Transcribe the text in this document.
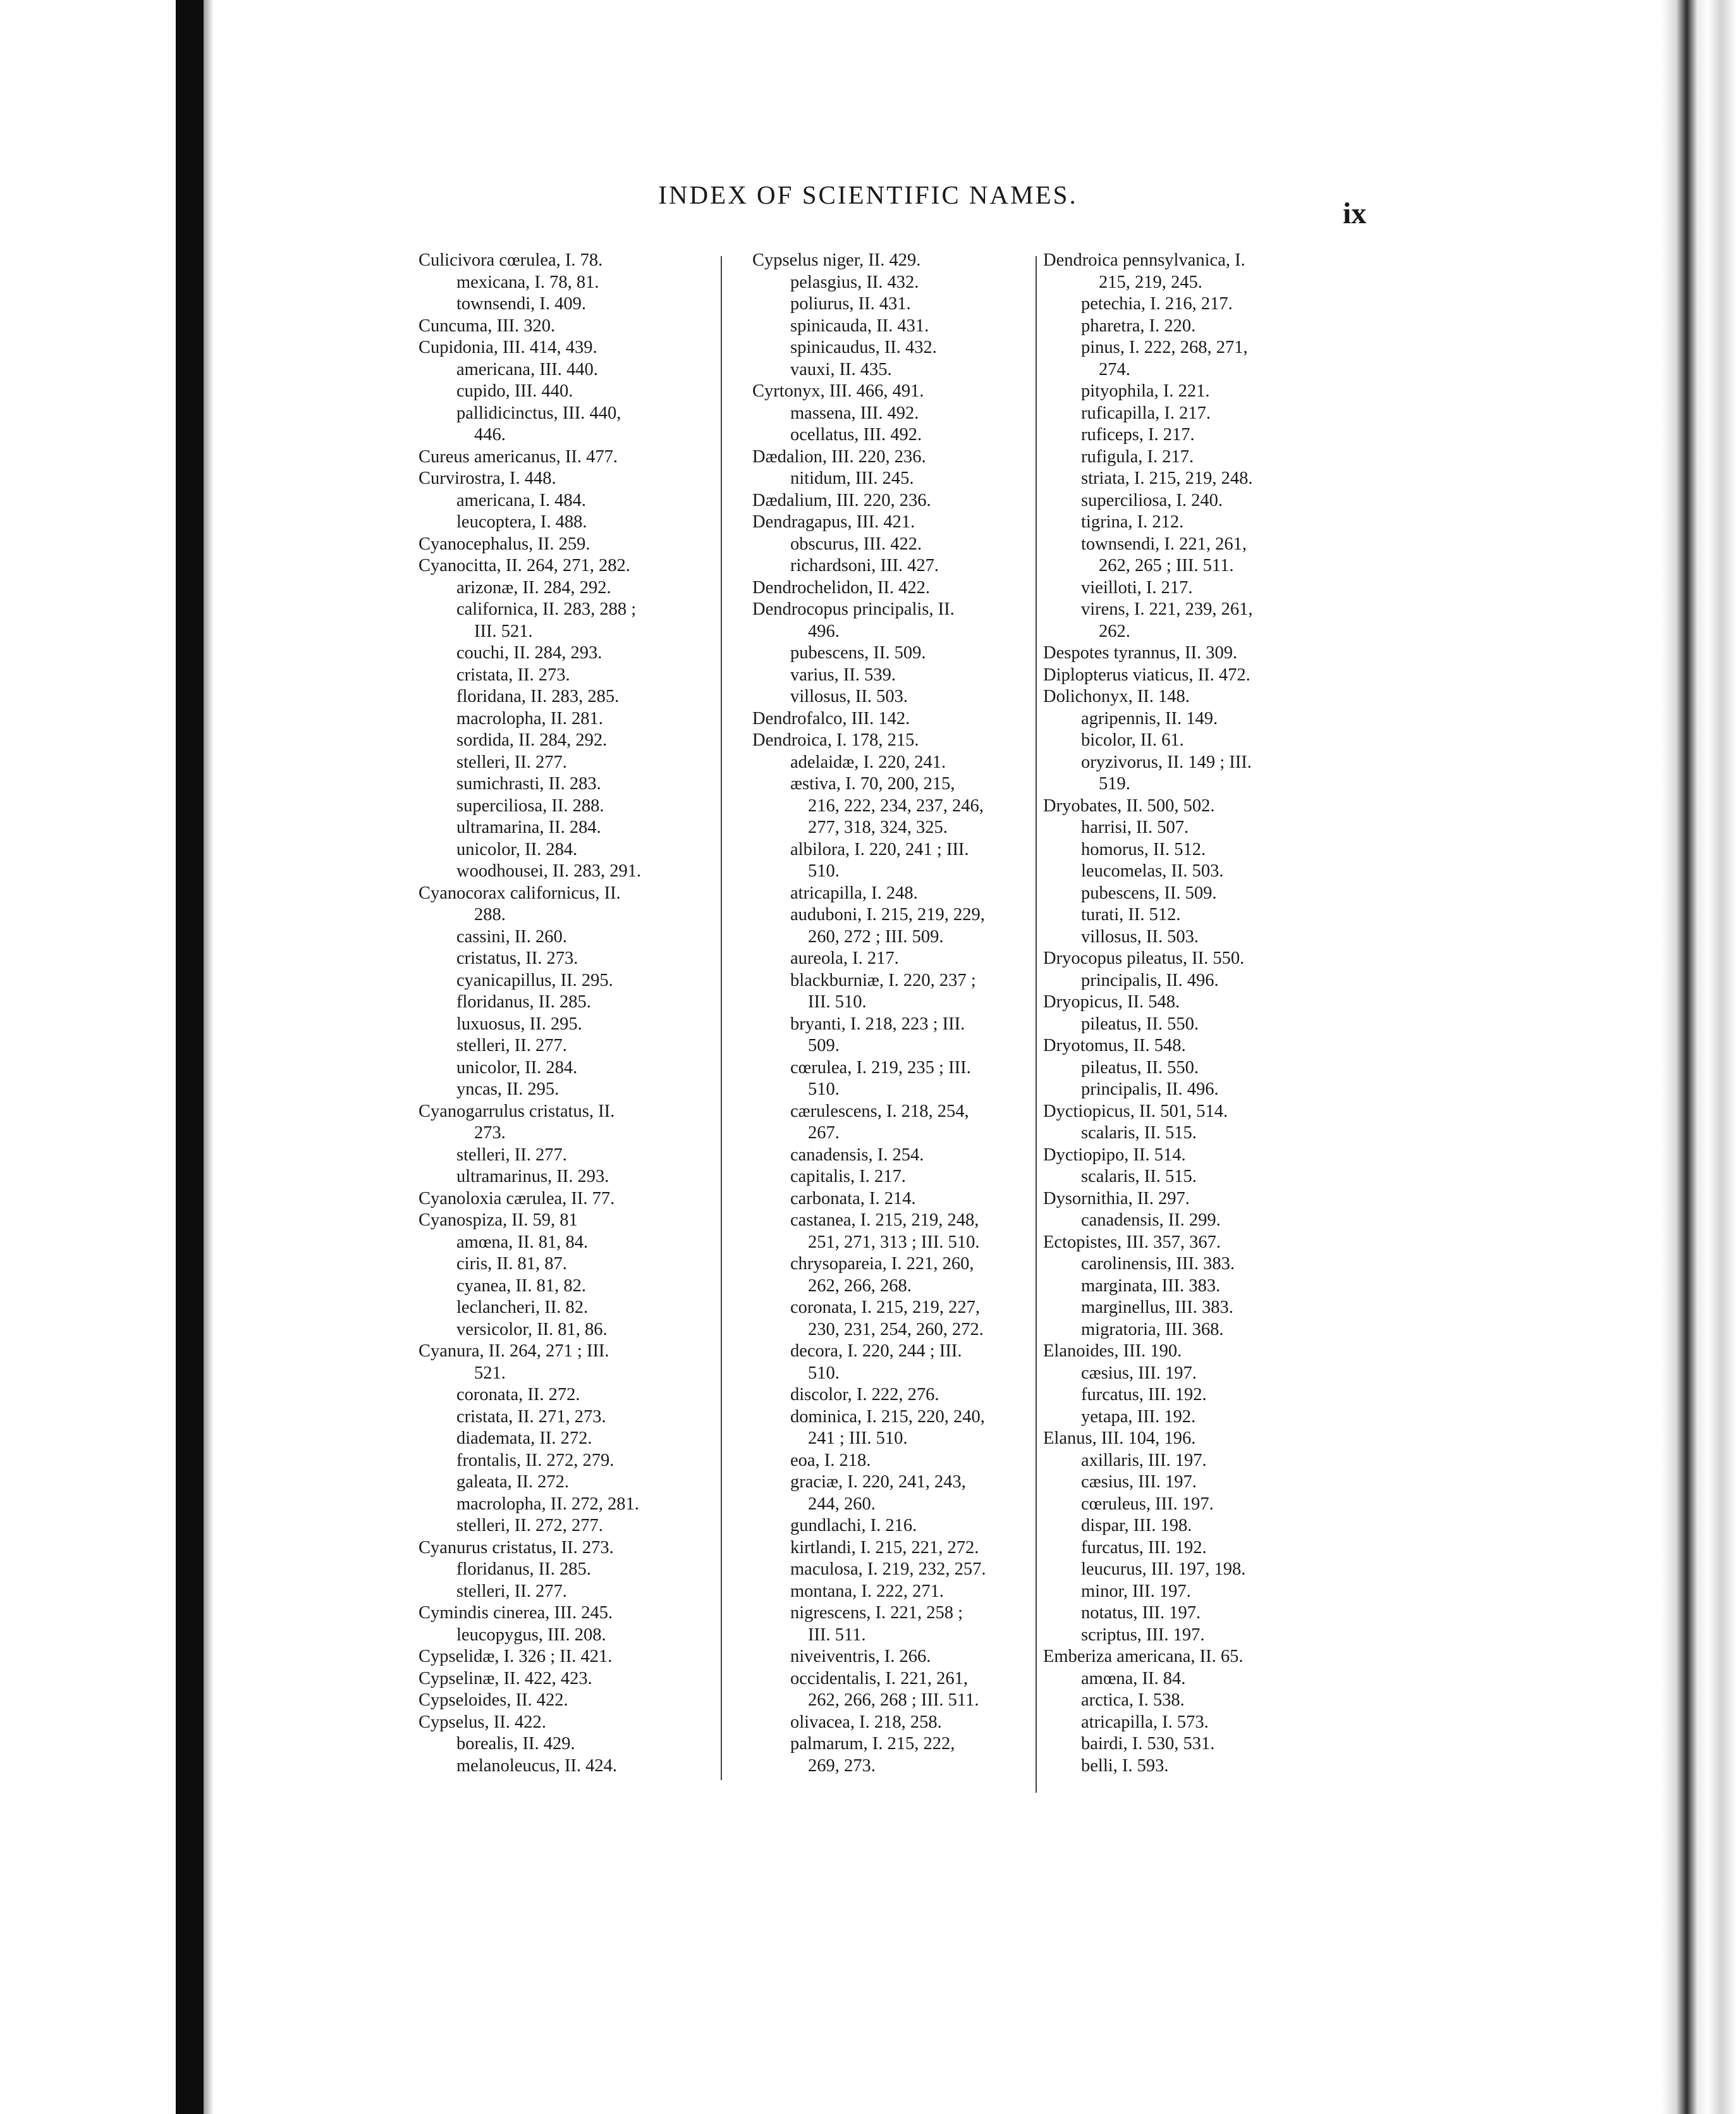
INDEX OF SCIENTIFIC NAMES.
ix
Culicivora cœrulea, I. 78.
mexicana, I. 78, 81.
townsendi, I. 409.
Cuncuma, III. 320.
Cupidonia, III. 414, 439.
americana, III. 440.
cupido, III. 440.
pallidicinctus, III. 440,
446.
Cureus americanus, II. 477.
Curvirostra, I. 448.
americana, I. 484.
leucoptera, I. 488.
Cyanocephalus, II. 259.
Cyanocitta, II. 264, 271, 282.
arizonæ, II. 284, 292.
californica, II. 283, 288 ;
III. 521.
couchi, II. 284, 293.
cristata, II. 273.
floridana, II. 283, 285.
macrolopha, II. 281.
sordida, II. 284, 292.
stelleri, II. 277.
sumichrasti, II. 283.
superciliosa, II. 288.
ultramarina, II. 284.
unicolor, II. 284.
woodhousei, II. 283, 291.
Cyanocorax californicus, II.
288.
cassini, II. 260.
cristatus, II. 273.
cyanicapillus, II. 295.
floridanus, II. 285.
luxuosus, II. 295.
stelleri, II. 277.
unicolor, II. 284.
yncas, II. 295.
Cyanogarrulus cristatus, II.
273.
stelleri, II. 277.
ultramarinus, II. 293.
Cyanoloxia cærulea, II. 77.
Cyanospiza, II. 59, 81
amœna, II. 81, 84.
ciris, II. 81, 87.
cyanea, II. 81, 82.
leclancheri, II. 82.
versicolor, II. 81, 86.
Cyanura, II. 264, 271 ; III.
521.
coronata, II. 272.
cristata, II. 271, 273.
diademata, II. 272.
frontalis, II. 272, 279.
galeata, II. 272.
macrolopha, II. 272, 281.
stelleri, II. 272, 277.
Cyanurus cristatus, II. 273.
floridanus, II. 285.
stelleri, II. 277.
Cymindis cinerea, III. 245.
leucopygus, III. 208.
Cypselidæ, I. 326 ; II. 421.
Cypselinæ, II. 422, 423.
Cypseloides, II. 422.
Cypselus, II. 422.
borealis, II. 429.
melanoleucus, II. 424.
Cypselus niger, II. 429.
pelasgius, II. 432.
poliurus, II. 431.
spinicauda, II. 431.
spinicaudus, II. 432.
vauxi, II. 435.
Cyrtonyx, III. 466, 491.
massena, III. 492.
ocellatus, III. 492.
Dædalion, III. 220, 236.
nitidum, III. 245.
Dædalium, III. 220, 236.
Dendragapus, III. 421.
obscurus, III. 422.
richardsoni, III. 427.
Dendrochelidon, II. 422.
Dendrocopus principalis, II.
496.
pubescens, II. 509.
varius, II. 539.
villosus, II. 503.
Dendrofalco, III. 142.
Dendroica, I. 178, 215.
adelaidæ, I. 220, 241.
æstiva, I. 70, 200, 215,
216, 222, 234, 237, 246,
277, 318, 324, 325.
albilora, I. 220, 241 ; III.
510.
atricapilla, I. 248.
auduboni, I. 215, 219, 229,
260, 272 ; III. 509.
aureola, I. 217.
blackburniæ, I. 220, 237 ;
III. 510.
bryanti, I. 218, 223 ; III.
509.
cœrulea, I. 219, 235 ; III.
510.
cærulescens, I. 218, 254,
267.
canadensis, I. 254.
capitalis, I. 217.
carbonata, I. 214.
castanea, I. 215, 219, 248,
251, 271, 313 ; III. 510.
chrysopareia, I. 221, 260,
262, 266, 268.
coronata, I. 215, 219, 227,
230, 231, 254, 260, 272.
decora, I. 220, 244 ; III.
510.
discolor, I. 222, 276.
dominica, I. 215, 220, 240,
241 ; III. 510.
eoa, I. 218.
graciæ, I. 220, 241, 243,
244, 260.
gundlachi, I. 216.
kirtlandi, I. 215, 221, 272.
maculosa, I. 219, 232, 257.
montana, I. 222, 271.
nigrescens, I. 221, 258 ;
III. 511.
niveiventris, I. 266.
occidentalis, I. 221, 261,
262, 266, 268 ; III. 511.
olivacea, I. 218, 258.
palmarum, I. 215, 222,
269, 273.
Dendroica pennsylvanica, I.
215, 219, 245.
petechia, I. 216, 217.
pharetra, I. 220.
pinus, I. 222, 268, 271,
274.
pityophila, I. 221.
ruficapilla, I. 217.
ruficeps, I. 217.
rufigula, I. 217.
striata, I. 215, 219, 248.
superciliosa, I. 240.
tigrina, I. 212.
townsendi, I. 221, 261,
262, 265 ; III. 511.
vieilloti, I. 217.
virens, I. 221, 239, 261,
262.
Despotes tyrannus, II. 309.
Diplopterus viaticus, II. 472.
Dolichonyx, II. 148.
agripennis, II. 149.
bicolor, II. 61.
oryzivorus, II. 149 ; III.
519.
Dryobates, II. 500, 502.
harrisi, II. 507.
homorus, II. 512.
leucomelas, II. 503.
pubescens, II. 509.
turati, II. 512.
villosus, II. 503.
Dryocopus pileatus, II. 550.
principalis, II. 496.
Dryopicus, II. 548.
pileatus, II. 550.
Dryotomus, II. 548.
pileatus, II. 550.
principalis, II. 496.
Dyctiopicus, II. 501, 514.
scalaris, II. 515.
Dyctiopipo, II. 514.
scalaris, II. 515.
Dysornithia, II. 297.
canadensis, II. 299.
Ectopistes, III. 357, 367.
carolinensis, III. 383.
marginata, III. 383.
marginellus, III. 383.
migratoria, III. 368.
Elanoides, III. 190.
cæsius, III. 197.
furcatus, III. 192.
yetapa, III. 192.
Elanus, III. 104, 196.
axillaris, III. 197.
cæsius, III. 197.
cœruleus, III. 197.
dispar, III. 198.
furcatus, III. 192.
leucurus, III. 197, 198.
minor, III. 197.
notatus, III. 197.
scriptus, III. 197.
Emberiza americana, II. 65.
amœna, II. 84.
arctica, I. 538.
atricapilla, I. 573.
bairdi, I. 530, 531.
belli, I. 593.
